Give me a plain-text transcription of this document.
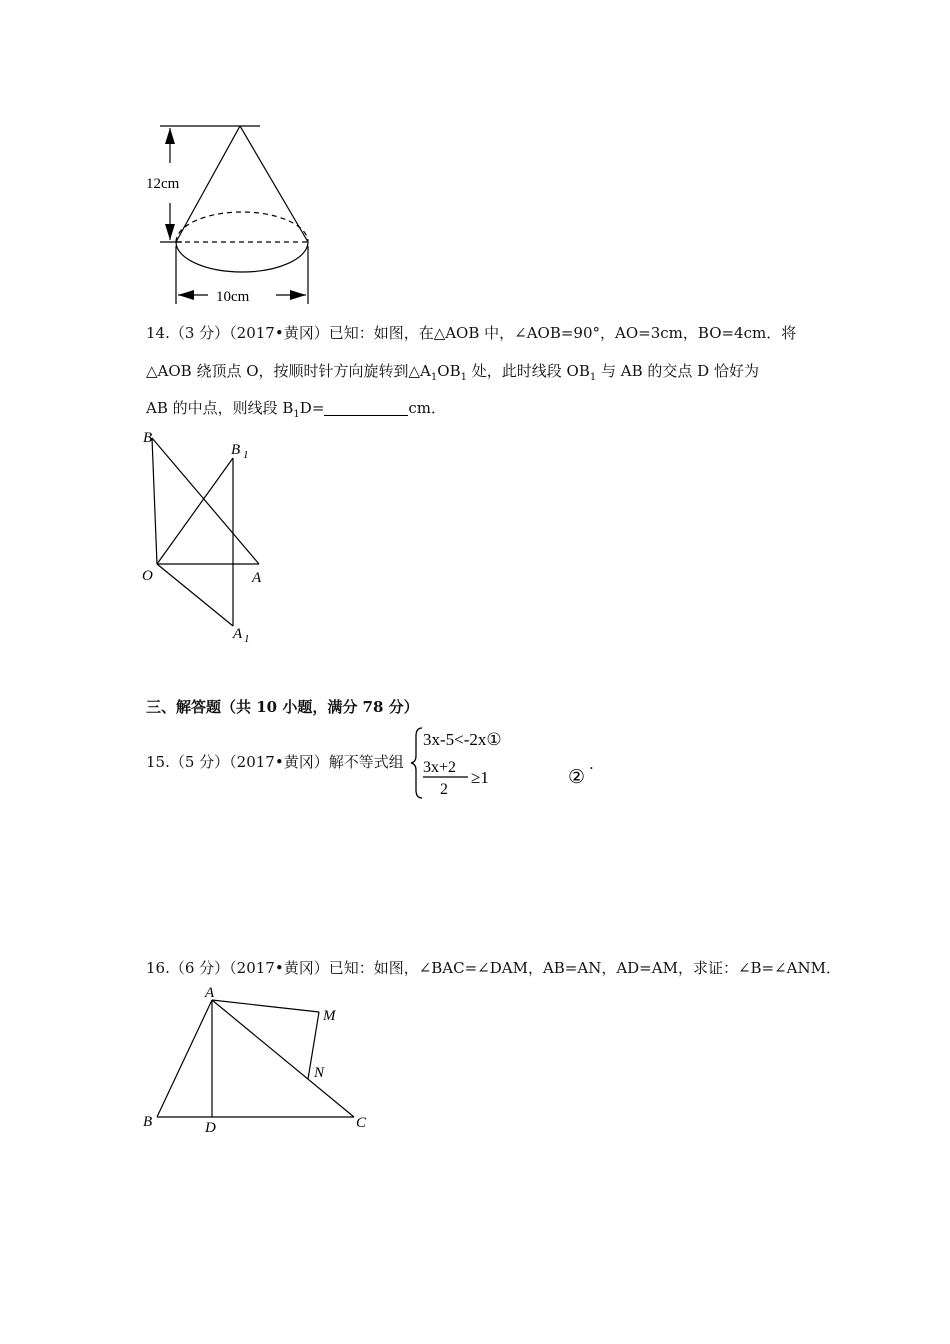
12cm
10cm
14.（3 分）（2017•黄冈）已知：如图，在△AOB 中，∠AOB=90°，AO=3cm，BO=4cm．将
△AOB 绕顶点 O，按顺时针方向旋转到$\triangle A_1OB_1$ 处，此时线段 $OB_1$ 与 AB 的交点 D 恰好为
AB 的中点，则线段 $B_1D=$	cm．
B
B 1
O	A
A 1
三、解答题（共 10 小题，满分 78 分）
15.（5 分）（2017•黄冈）解不等式组
3x-5<-2x①
3x+2
2
≥1	②
.
16.（6 分）（2017•黄冈）已知：如图，∠BAC=∠DAM，AB=AN，AD=AM，求证：∠B=∠ANM．
A
M
N
B	D	C
